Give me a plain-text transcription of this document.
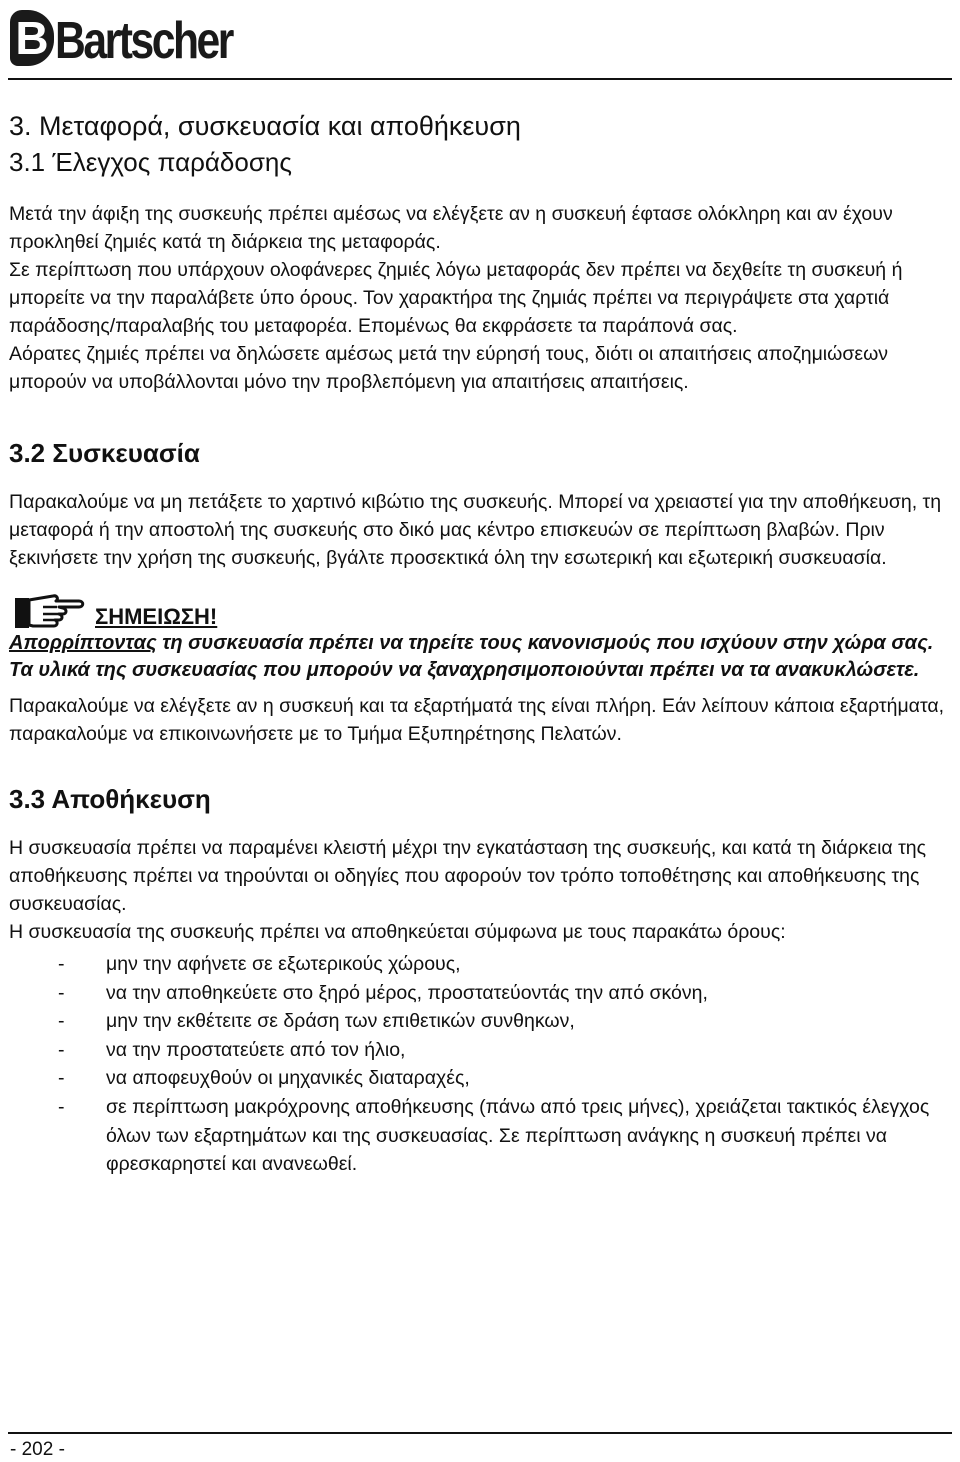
B Bartscher
3. Μεταφορά, συσκευασία και αποθήκευση
3.1 Έλεγχος παράδοσης

Μετά την άφιξη της συσκευής πρέπει αμέσως να ελέγξετε αν η συσκευή έφτασε ολόκληρη και αν έχουν προκληθεί ζημιές κατά τη διάρκεια της μεταφοράς.

Σε περίπτωση που υπάρχουν ολοφάνερες ζημιές λόγω μεταφοράς δεν πρέπει να δεχθείτε τη συσκευή ή μπορείτε να την παραλάβετε ύπο όρους. Τον χαρακτήρα της ζημιάς πρέπει να περιγράψετε στα χαρτιά παράδοσης/παραλαβής του μεταφορέα. Επομένως θα εκφράσετε τα παράπονά σας.

Αόρατες ζημιές πρέπει να δηλώσετε αμέσως μετά την εύρησή τους, διότι οι απαιτήσεις αποζημιώσεων μπορούν να υποβάλλονται μόνο την προβλεπόμενη για απαιτήσεις απαιτήσεις.

3.2 Συσκευασία

Παρακαλούμε να μη πετάξετε το χαρτινό κιβώτιο της συσκευής. Μπορεί να χρειαστεί για την αποθήκευση, τη μεταφορά ή την αποστολή της συσκευής στο δικό μας κέντρο επισκευών σε περίπτωση βλαβών. Πριν ξεκινήσετε την χρήση της συσκευής, βγάλτε προσεκτικά όλη την εσωτερική και εξωτερική συσκευασία.

ΣΗΜΕΙΩΣΗ!

Απορρίπτοντας τη συσκευασία πρέπει να τηρείτε τους κανονισμούς που ισχύουν στην χώρα σας. Τα υλικά της συσκευασίας που μπορούν να ξαναχρησιμοποιούνται πρέπει να τα ανακυκλώσετε.

Παρακαλούμε να ελέγξετε αν η συσκευή και τα εξαρτήματά της είναι πλήρη. Εάν λείπουν κάποια εξαρτήματα, παρακαλούμε να επικοινωνήσετε με το Τμήμα Εξυπηρέτησης Πελατών.

3.3 Αποθήκευση

Η συσκευασία πρέπει να παραμένει κλειστή μέχρι την εγκατάσταση της συσκευής, και κατά τη διάρκεια της αποθήκευσης πρέπει να τηρούνται οι οδηγίες που αφορούν τον τρόπο τοποθέτησης και αποθήκευσης της συσκευασίας.

Η συσκευασία της συσκευής πρέπει να αποθηκεύεται σύμφωνα με τους παρακάτω όρους:

-	μην την αφήνετε σε εξωτερικούς χώρους,
-	να την αποθηκεύετε στο ξηρό μέρος, προστατεύοντάς την από σκόνη,
-	μην την εκθέτειτε σε δράση των επιθετικών συνθηκων,
-	να την προστατεύετε από τον ήλιο,
-	να αποφευχθούν οι μηχανικές διαταραχές,
-	σε περίπτωση μακρόχρονης αποθήκευσης (πάνω από τρεις μήνες), χρειάζεται τακτικός έλεγχος όλων των εξαρτημάτων και της συσκευασίας. Σε περίπτωση ανάγκης η συσκευή πρέπει να φρεσκαρηστεί και ανανεωθεί.
- 202 -
